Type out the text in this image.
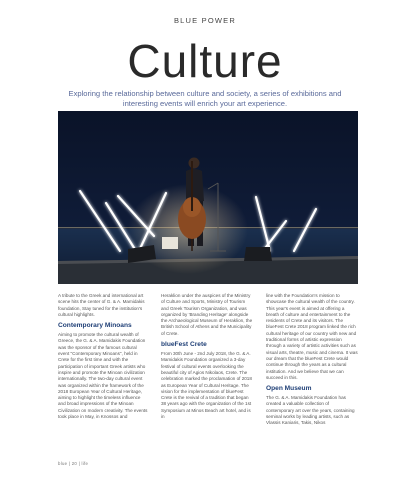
BLUE POWER
Culture
Exploring the relationship between culture and society, a series of exhibitions and interesting events will enrich your art experience.

A tribute to the Greek and international art scene hits the center of G. & A. Mamidakis foundation, Stay tuned for the institution's cultural highlights.

Contemporary Minoans

Aiming to promote the cultural wealth of Greece, the G. & A. Mamidakis Foundation was the sponsor of the famous cultural event "Contemporary Minoans", held in Crete for the first time and with the participation of important Greek artists who inspire and promote the Minoan civilization internationally. The two-day cultural event was organized within the framework of the 2018 European Year of Cultural Heritage, aiming to highlight the timeless influence and broad impressions of the Minoan Civilization on modern creativity. The events took place in May, in Knossos and

Heraklion under the auspices of the Ministry of Culture and Sports, Ministry of Tourism and Greek Tourism Organization, and was organized by 'Branding Heritage' alongside the Archaeological Museum of Heraklion, the British School of Athens and the Municipality of Crete.

blueFest Crete

From 30th June - 2nd July 2018, the G. & A. Mamidakis Foundation organized a 3-day festival of cultural events overlooking the beautiful city of Agios Nikolaos, Crete. The celebration marked the proclamation of 2018 as European Year of Cultural Heritage. The vision for the implementation of blueFest Crete is the revival of a tradition that began 38 years ago with the organization of the 1st Symposium at Minos Beach art hotel, and is in

line with the Foundation's mission to showcase the cultural wealth of the country. This year's event is aimed at offering a breath of culture and entertainment to the residents of Crete and its visitors. The blueFest Crete 2018 program linked the rich cultural heritage of our country with new and traditional forms of artistic expression through a variety of artistic activities such as visual arts, theatre, music and cinema. It was our dream that the blueFest Crete would continue through the years as a cultural institution. And we believe that we can succeed in this.

Open Museum

The G. & A. Mamidakis Foundation has created a valuable collection of contemporary art over the years, containing seminal works by leading artists, such as Vlassis Kaniaris, Takis, Nikos

blue | 20 | life
